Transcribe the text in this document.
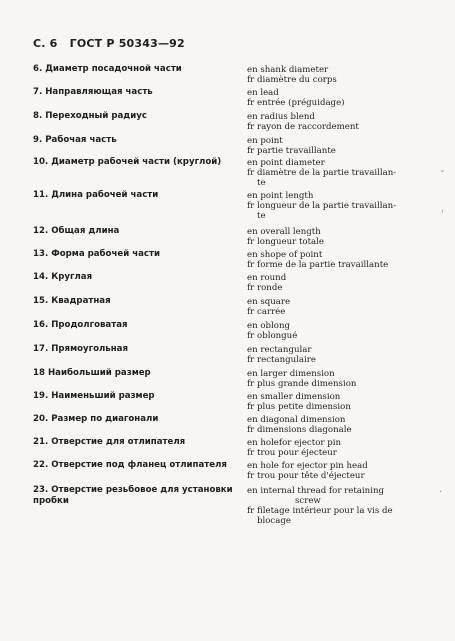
С. 6 ГОСТ Р 50343—92
6. Диаметр посадочной части	en shank diameter
fr diamètre du corps
7. Направляющая часть	en lead
fr entrée (préguidage)
8. Переходный радиус	en radius blend
fr rayon de raccordement
9. Рабочая часть	en point
fr partie travaillante
10. Диаметр рабочей части (круглой)	en point diameter
fr diamètre de la partie travaillan-
te
11. Длина рабочей части	en point length
fr longueur de la partie travaillan-
te
12. Общая длина	en overall length
fr longueur totale
13. Форма рабочей части	en shope of point
fr forme de la partie travaillante
14. Круглая	en round
fr ronde
15. Квадратная	en square
fr carrée
16. Продолговатая	en oblong
fr oblongué
17. Прямоугольная	en rectangular
fr rectangulaire
18 Наибольший размер	en larger dimension
fr plus grande dimension
19. Наименьший размер	en smaller dimension
fr plus petite dimension
20. Размер по диагонали	en diagonal dimension
fr dimensions diagonale
21. Отверстие для отлипателя	en holefor ejector pin
fr trou pour éjecteur
22. Отверстие под фланец отлипателя	en hole for ejector pin head
fr trou pour tête d'éjecteur
23. Отверстие резьбовое для установки пробки
en internal thread for retaining
screw
fr filetage intérieur pour la vis de
blocage
ˇ
ˌ
·
